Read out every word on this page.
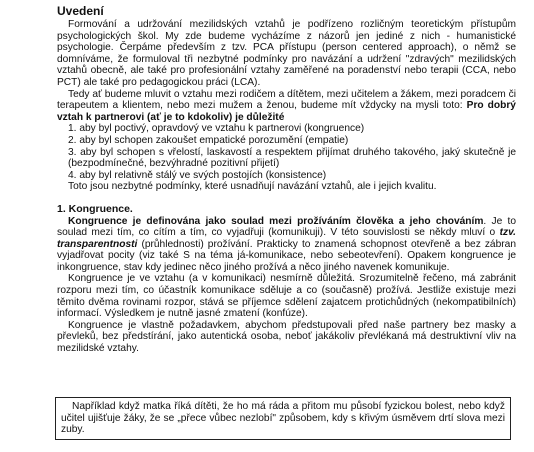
Uvedení

Formování a udržování mezilidských vztahů je podřízeno rozličným teoretickým přístupům psychologických škol. My zde budeme vycházíme z názorů jen jediné z nich - humanistické psychologie. Čerpáme především z tzv. PCA přístupu (person centered approach), o němž se domníváme, že formuloval tři nezbytné podmínky pro navázání a udržení "zdravých" mezilidských vztahů obecně, ale také pro profesionální vztahy zaměřené na poradenství nebo terapii (CCA, nebo PCT) ale také pro pedagogickou práci (LCA).

Tedy ať budeme mluvit o vztahu mezi rodičem a dítětem, mezi učitelem a žákem, mezi poradcem či terapeutem a klientem, nebo mezi mužem a ženou, budeme mít vždycky na mysli toto: Pro dobrý vztah k partnerovi (ať je to kdokoliv) je důležité

1. aby byl poctivý, opravdový ve vztahu k partnerovi (kongruence)
2. aby byl schopen zakoušet empatické porozumění (empatie)
3. aby byl schopen s vřelostí, laskavostí a respektem přijímat druhého takového, jaký skutečně je (bezpodmínečné, bezvýhradné pozitivní přijetí)
4. aby byl relativně stálý ve svých postojích (konsistence)

Toto jsou nezbytné podmínky, které usnadňují navázání vztahů, ale i jejich kvalitu.

1. Kongruence.

Kongruence je definována jako soulad mezi prožíváním člověka a jeho chováním. Je to soulad mezi tím, co cítím a tím, co vyjadřuji (komunikuji). V této souvislosti se někdy mluví o tzv. transparentnosti (průhlednosti) prožívání. Prakticky to znamená schopnost otevřeně a bez zábran vyjadřovat pocity (viz také S na téma já-komunikace, nebo sebeotevření). Opakem kongruence je inkongruence, stav kdy jedinec něco jiného prožívá a něco jiného navenek komunikuje.

Kongruence je ve vztahu (a v komunikaci) nesmírně důležitá. Srozumitelně řečeno, má zabránit rozporu mezi tím, co účastník komunikace sděluje a co (současně) prožívá. Jestliže existuje mezi těmito dvěma rovinami rozpor, stává se příjemce sdělení zajatcem protichůdných (nekompatibilních) informací. Výsledkem je nutně jasné zmatení (konfúze).

Kongruence je vlastně požadavkem, abychom předstupovali před naše partnery bez masky a převleků, bez předstírání, jako autentická osoba, neboť jakákoliv převlékaná má destruktivní vliv na mezilidské vztahy.

Například když matka říká dítěti, že ho má ráda a přitom mu působí fyzickou bolest, nebo když učitel ujišťuje žáky, že se „přece vůbec nezlobí" způsobem, kdy s křivým úsměvem drtí slova mezi zuby.
